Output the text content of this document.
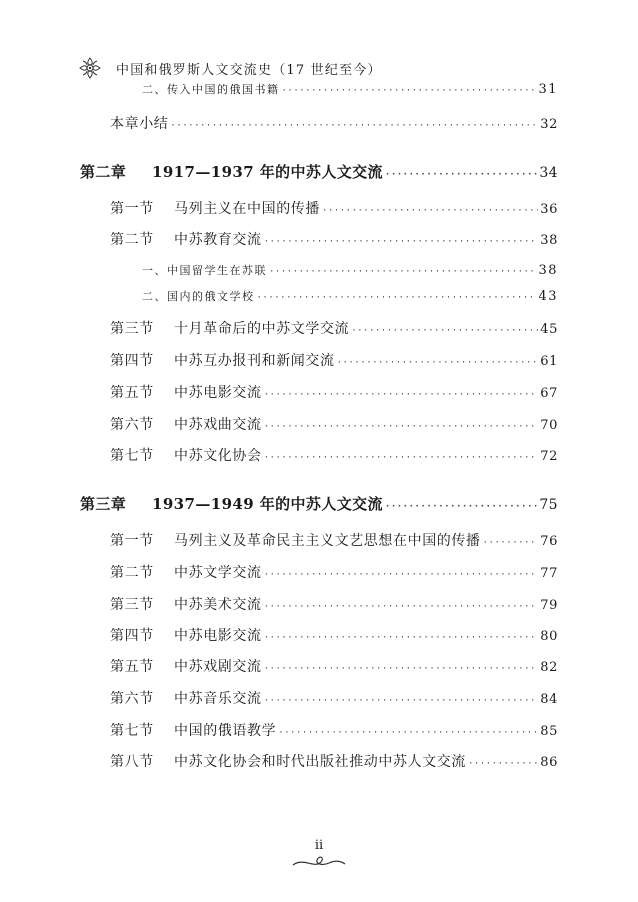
中国和俄罗斯人文交流史（17 世纪至今）
二、传入中国的俄国书籍 ·····	31
本章小结 ·····	32
第二章	1917—1937 年的中苏人文交流 ·····	34
第一节	马列主义在中国的传播 ·····	36
第二节	中苏教育交流 ·····	38
一、中国留学生在苏联 ·····	38
二、国内的俄文学校 ·····	43
第三节	十月革命后的中苏文学交流 ·····	45
第四节	中苏互办报刊和新闻交流 ·····	61
第五节	中苏电影交流 ·····	67
第六节	中苏戏曲交流 ·····	70
第七节	中苏文化协会 ·····	72
第三章	1937—1949 年的中苏人文交流 ·····	75
第一节	马列主义及革命民主主义文艺思想在中国的传播 ·····	76
第二节	中苏文学交流 ·····	77
第三节	中苏美术交流 ·····	79
第四节	中苏电影交流 ·····	80
第五节	中苏戏剧交流 ·····	82
第六节	中苏音乐交流 ·····	84
第七节	中国的俄语教学 ·····	85
第八节	中苏文化协会和时代出版社推动中苏人文交流 ·····	86
ii
